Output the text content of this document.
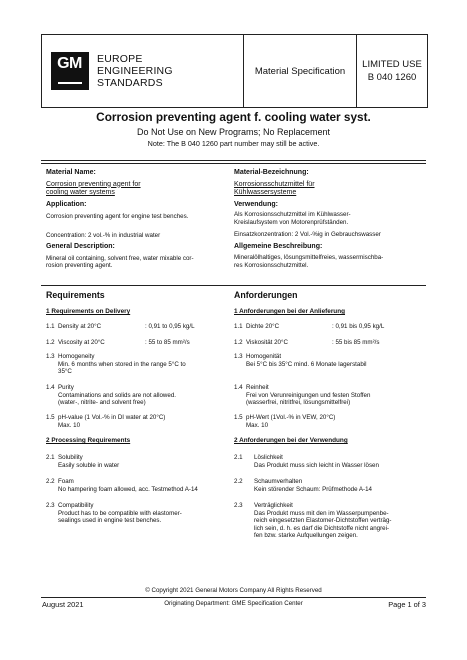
GM EUROPE
ENGINEERING
STANDARDS
Material Specification
LIMITED USE
B 040 1260
Corrosion preventing agent f. cooling water syst.
Do Not Use on New Programs; No Replacement
Note: The B 040 1260 part number may still be active.
Material Name:
Corrosion preventing agent for
cooling water systems
Application:
Corrosion preventing agent for engine test benches.
Concentration: 2 vol.-% in industrial water
General Description:
Mineral oil containing, solvent free, water mixable cor-
rosion preventing agent.
Material-Bezeichnung:
Korrosionsschutzmittel für
Kühlwassersysteme
Verwendung:
Als Korrosionsschutzmittel im Kühlwasser-
Kreislaufsystem von Motorenprüfständen.
Einsatzkonzentration: 2 Vol.-%ig in Gebrauchswasser
Allgemeine Beschreibung:
Mineralölhaltiges, lösungsmittelfreies, wassermischba-
res Korrosionsschutzmittel.
Requirements	Anforderungen
1 Requirements on Delivery	1 Anforderungen bei der Anlieferung
1.1 Density at 20°C	: 0,91 to 0,95 kg/L
1.2 Viscosity at 20°C	: 55 to 85 mm²/s
1.1 Dichte 20°C	: 0,91 bis 0,95 kg/L
1.2 Viskosität 20°C	: 55 bis 85 mm²/s
1.3 Homogeneity
Min. 6 months when stored in the range 5°C to
35°C
1.3 Homogenität
Bei 5°C bis 35°C mind. 6 Monate lagerstabil
1.4 Purity
Contaminations and solids are not allowed.
(water-, nitrite- and solvent free)
1.4 Reinheit
Frei von Verunreinigungen und festen Stoffen
(wasserfrei, nitritfrei, lösungsmittelfrei)
1.5 pH-value (1 Vol.-% in DI water at 20°C)
Max. 10
1.5 pH-Wert (1Vol.-% in VEW, 20°C)
Max. 10
2 Processing Requirements	2 Anforderungen bei der Verwendung
2.1 Solubility
Easily soluble in water
2.1 Löslichkeit
Das Produkt muss sich leicht in Wasser lösen
2.2 Foam
No hampering foam allowed, acc. Testmethod A-14
2.2 Schaumverhalten
Kein störender Schaum: Prüfmethode A-14
2.3 Compatibility
Product has to be compatible with elastomer-
sealings used in engine test benches.
2.3 Verträglichkeit
Das Produkt muss mit den im Wasserpumpenbe-
reich eingesetzten Elastomer-Dichtstoffen verträg-
lich sein, d. h. es darf die Dichtstoffe nicht angrei-
fen bzw. starke Aufquellungen zeigen.
© Copyright 2021 General Motors Company All Rights Reserved
August 2021	Originating Department: GME Specification Center	Page 1 of 3
